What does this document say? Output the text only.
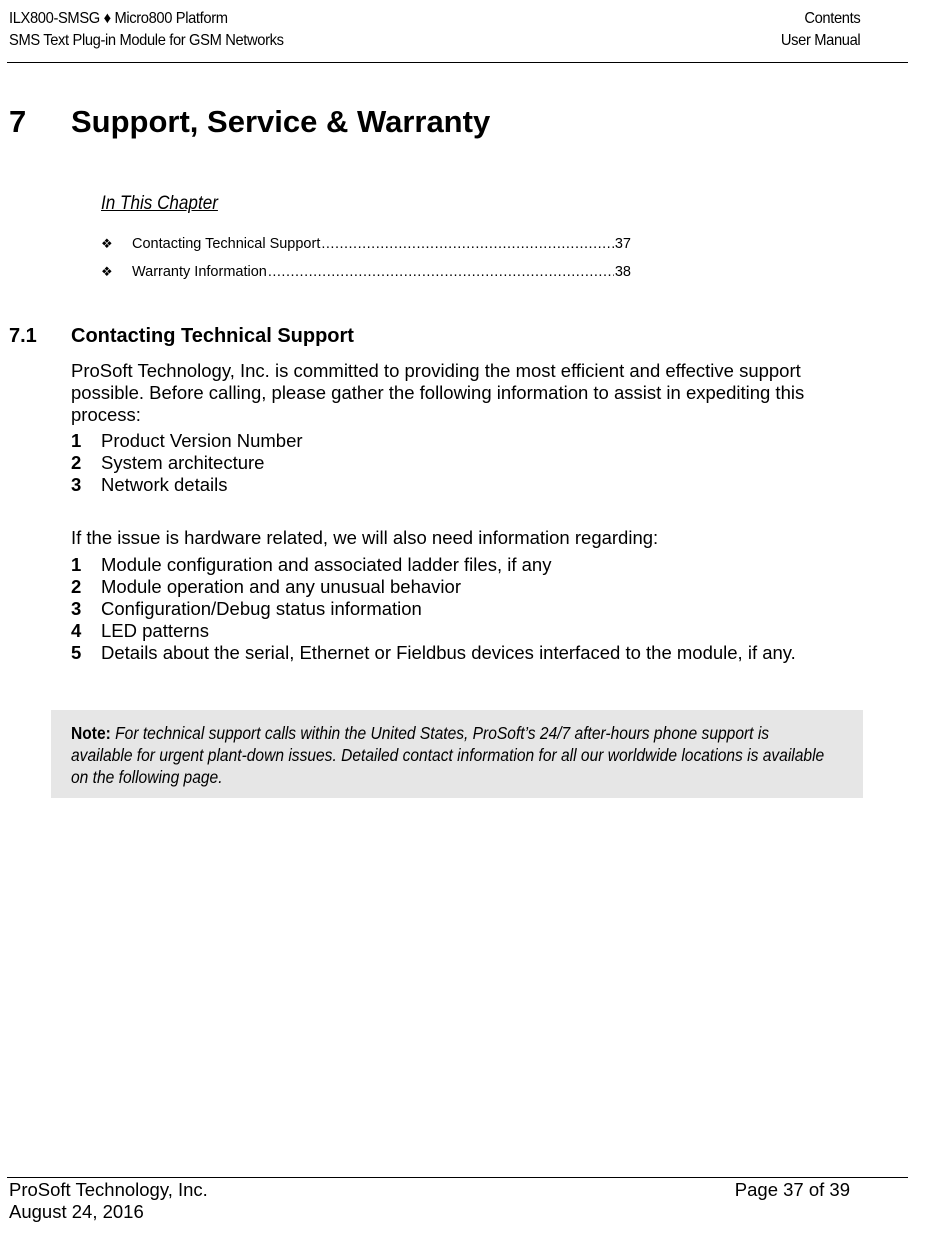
ILX800-SMSG ♦ Micro800 Platform
SMS Text Plug-in Module for GSM Networks
Contents
User Manual
7 Support, Service & Warranty
In This Chapter
❖	Contacting Technical Support .....	37
❖	Warranty Information .....	38
7.1 Contacting Technical Support
ProSoft Technology, Inc. is committed to providing the most efficient and effective support possible. Before calling, please gather the following information to assist in expediting this process:
1	Product Version Number
2	System architecture
3	Network details
If the issue is hardware related, we will also need information regarding:
1	Module configuration and associated ladder files, if any
2	Module operation and any unusual behavior
3	Configuration/Debug status information
4	LED patterns
5	Details about the serial, Ethernet or Fieldbus devices interfaced to the module, if any.
Note: For technical support calls within the United States, ProSoft’s 24/7 after-hours phone support is available for urgent plant-down issues. Detailed contact information for all our worldwide locations is available on the following page.
ProSoft Technology, Inc.
August 24, 2016
Page 37 of 39
